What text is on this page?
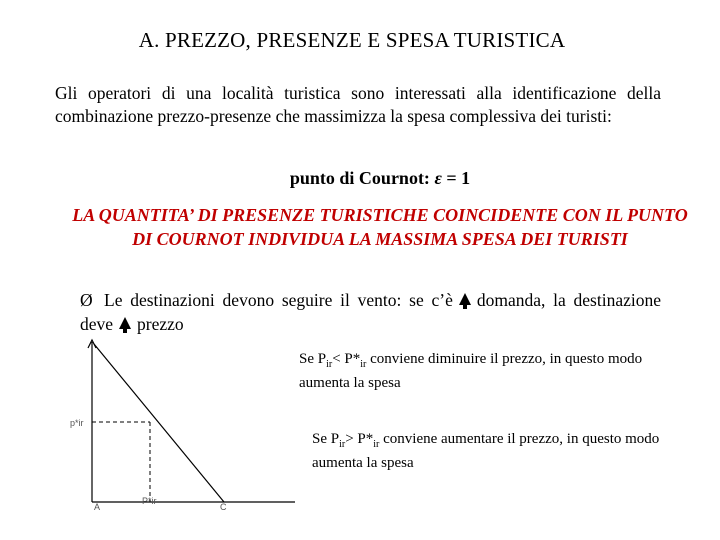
A. PREZZO, PRESENZE E SPESA TURISTICA
Gli operatori di una località turistica sono interessati alla identificazione della combinazione prezzo-presenze che massimizza la spesa complessiva dei turisti:
punto di Cournot: ε = 1
LA QUANTITA’ DI PRESENZE TURISTICHE COINCIDENTE CON IL PUNTO DI COURNOT INDIVIDUA LA MASSIMA SPESA DEI TURISTI
Ø Le destinazioni devono seguire il vento: se c’è domanda, la destinazione deve prezzo
p*ir
P*ir
A	C
Se $P_{ir}< P*_{ir}$ conviene diminuire il prezzo, in questo modo aumenta la spesa
Se $P_{ir}> P*_{ir}$ conviene aumentare il prezzo, in questo modo aumenta la spesa
